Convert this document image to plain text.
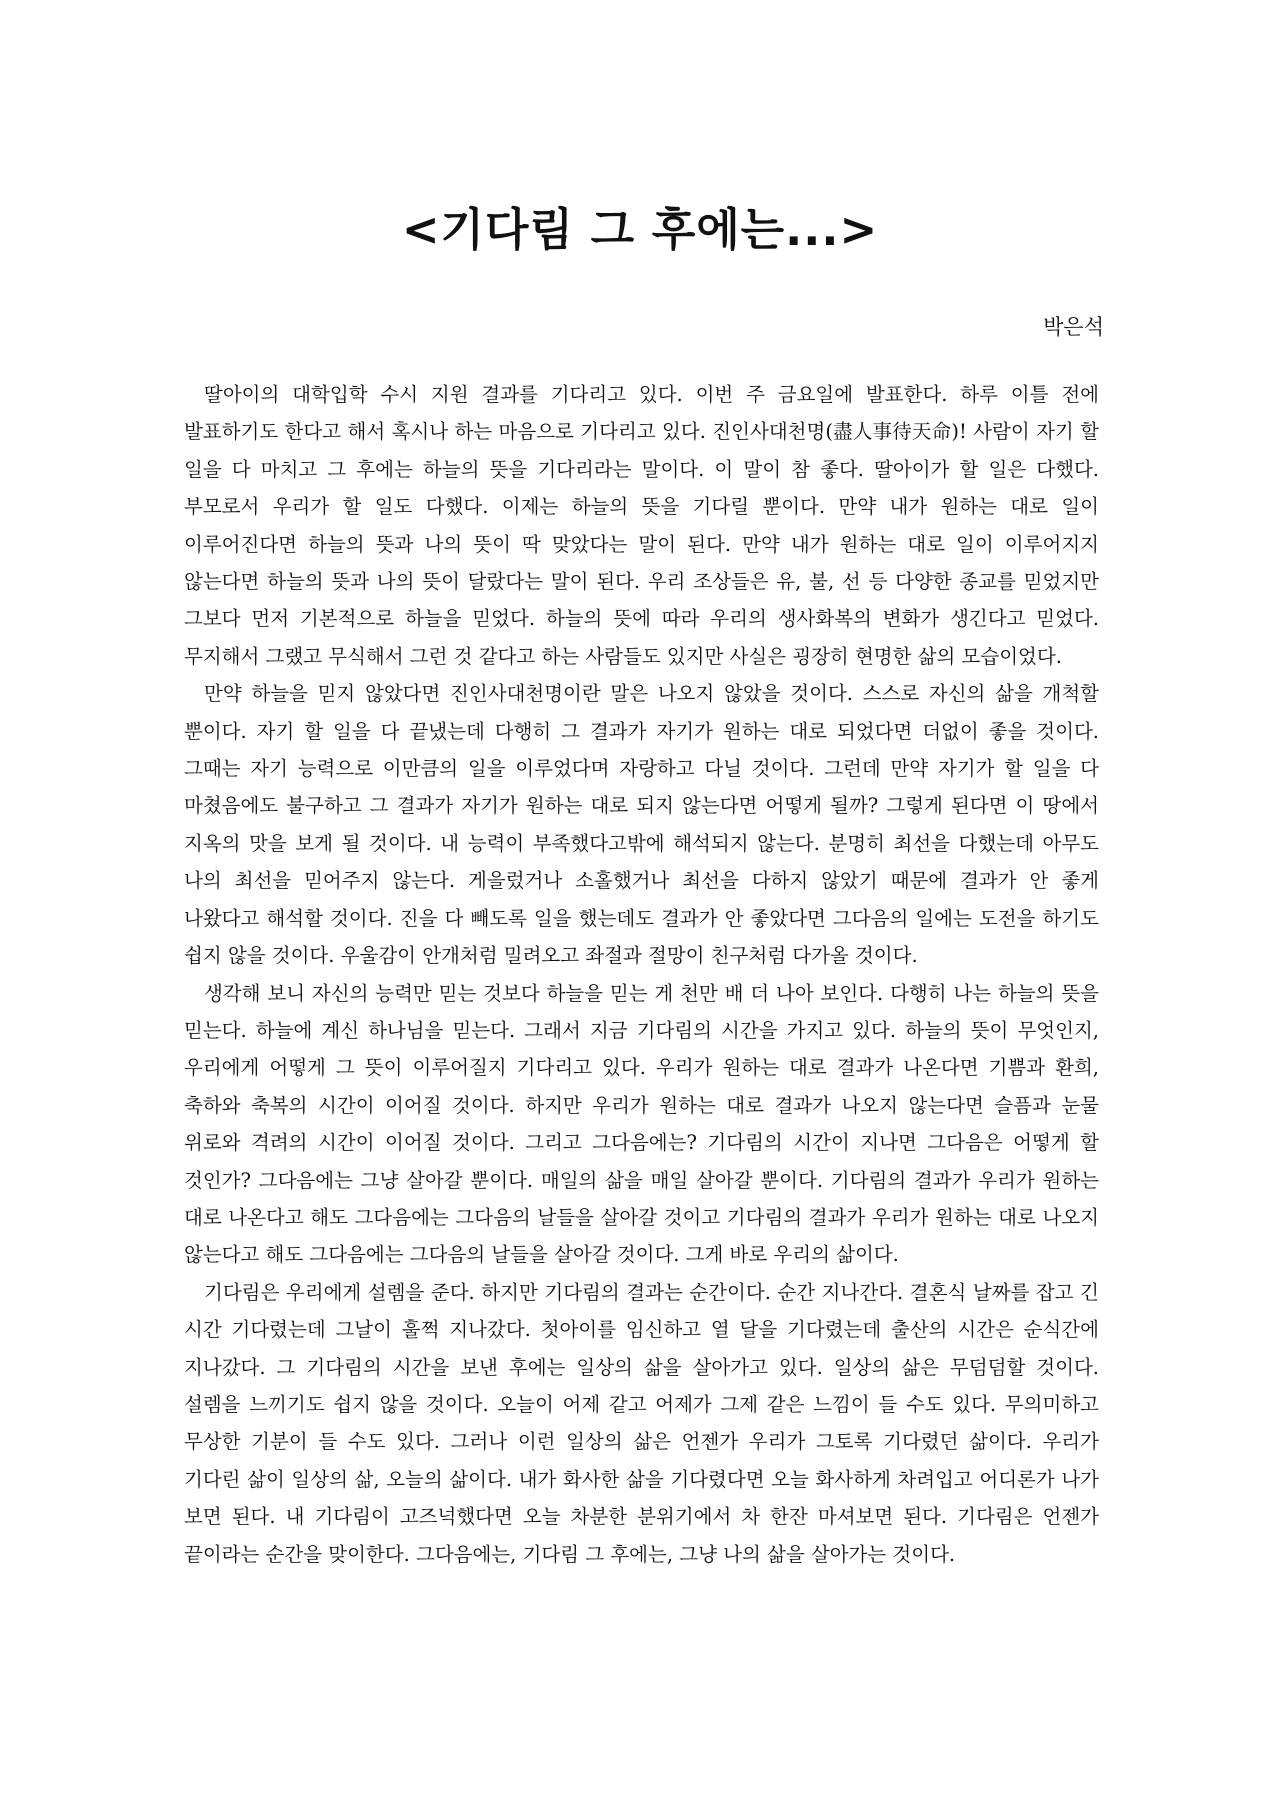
<기다림 그 후에는...>
박은석

딸아이의 대학입학 수시 지원 결과를 기다리고 있다. 이번 주 금요일에 발표한다. 하루 이틀 전에 발표하기도 한다고 해서 혹시나 하는 마음으로 기다리고 있다. 진인사대천명(盡人事待天命)! 사람이 자기 할 일을 다 마치고 그 후에는 하늘의 뜻을 기다리라는 말이다. 이 말이 참 좋다. 딸아이가 할 일은 다했다. 부모로서 우리가 할 일도 다했다. 이제는 하늘의 뜻을 기다릴 뿐이다. 만약 내가 원하는 대로 일이 이루어진다면 하늘의 뜻과 나의 뜻이 딱 맞았다는 말이 된다. 만약 내가 원하는 대로 일이 이루어지지 않는다면 하늘의 뜻과 나의 뜻이 달랐다는 말이 된다. 우리 조상들은 유, 불, 선 등 다양한 종교를 믿었지만 그보다 먼저 기본적으로 하늘을 믿었다. 하늘의 뜻에 따라 우리의 생사화복의 변화가 생긴다고 믿었다. 무지해서 그랬고 무식해서 그런 것 같다고 하는 사람들도 있지만 사실은 굉장히 현명한 삶의 모습이었다.

만약 하늘을 믿지 않았다면 진인사대천명이란 말은 나오지 않았을 것이다. 스스로 자신의 삶을 개척할 뿐이다. 자기 할 일을 다 끝냈는데 다행히 그 결과가 자기가 원하는 대로 되었다면 더없이 좋을 것이다. 그때는 자기 능력으로 이만큼의 일을 이루었다며 자랑하고 다닐 것이다. 그런데 만약 자기가 할 일을 다 마쳤음에도 불구하고 그 결과가 자기가 원하는 대로 되지 않는다면 어떻게 될까? 그렇게 된다면 이 땅에서 지옥의 맛을 보게 될 것이다. 내 능력이 부족했다고밖에 해석되지 않는다. 분명히 최선을 다했는데 아무도 나의 최선을 믿어주지 않는다. 게을렀거나 소홀했거나 최선을 다하지 않았기 때문에 결과가 안 좋게 나왔다고 해석할 것이다. 진을 다 빼도록 일을 했는데도 결과가 안 좋았다면 그다음의 일에는 도전을 하기도 쉽지 않을 것이다. 우울감이 안개처럼 밀려오고 좌절과 절망이 친구처럼 다가올 것이다.

생각해 보니 자신의 능력만 믿는 것보다 하늘을 믿는 게 천만 배 더 나아 보인다. 다행히 나는 하늘의 뜻을 믿는다. 하늘에 계신 하나님을 믿는다. 그래서 지금 기다림의 시간을 가지고 있다. 하늘의 뜻이 무엇인지, 우리에게 어떻게 그 뜻이 이루어질지 기다리고 있다. 우리가 원하는 대로 결과가 나온다면 기쁨과 환희, 축하와 축복의 시간이 이어질 것이다. 하지만 우리가 원하는 대로 결과가 나오지 않는다면 슬픔과 눈물 위로와 격려의 시간이 이어질 것이다. 그리고 그다음에는? 기다림의 시간이 지나면 그다음은 어떻게 할 것인가? 그다음에는 그냥 살아갈 뿐이다. 매일의 삶을 매일 살아갈 뿐이다. 기다림의 결과가 우리가 원하는 대로 나온다고 해도 그다음에는 그다음의 날들을 살아갈 것이고 기다림의 결과가 우리가 원하는 대로 나오지 않는다고 해도 그다음에는 그다음의 날들을 살아갈 것이다. 그게 바로 우리의 삶이다.

기다림은 우리에게 설렘을 준다. 하지만 기다림의 결과는 순간이다. 순간 지나간다. 결혼식 날짜를 잡고 긴 시간 기다렸는데 그날이 훌쩍 지나갔다. 첫아이를 임신하고 열 달을 기다렸는데 출산의 시간은 순식간에 지나갔다. 그 기다림의 시간을 보낸 후에는 일상의 삶을 살아가고 있다. 일상의 삶은 무덤덤할 것이다. 설렘을 느끼기도 쉽지 않을 것이다. 오늘이 어제 같고 어제가 그제 같은 느낌이 들 수도 있다. 무의미하고 무상한 기분이 들 수도 있다. 그러나 이런 일상의 삶은 언젠가 우리가 그토록 기다렸던 삶이다. 우리가 기다린 삶이 일상의 삶, 오늘의 삶이다. 내가 화사한 삶을 기다렸다면 오늘 화사하게 차려입고 어디론가 나가 보면 된다. 내 기다림이 고즈넉했다면 오늘 차분한 분위기에서 차 한잔 마셔보면 된다. 기다림은 언젠가 끝이라는 순간을 맞이한다. 그다음에는, 기다림 그 후에는, 그냥 나의 삶을 살아가는 것이다.
